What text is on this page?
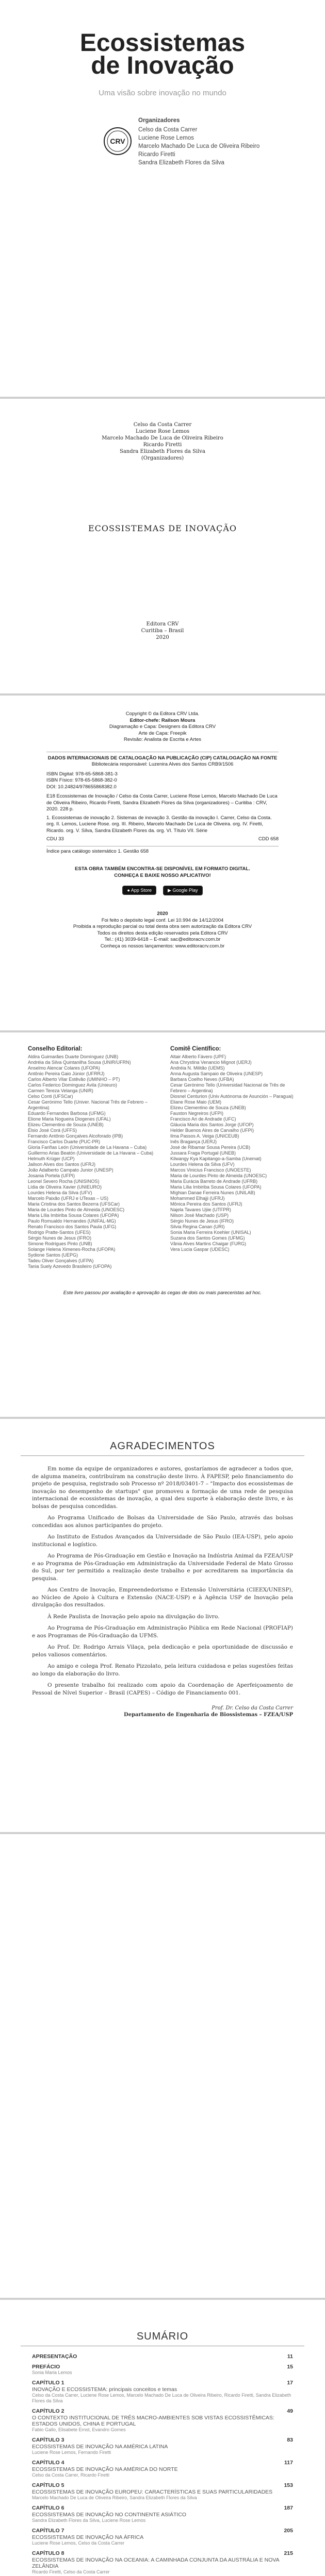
Ecossistemas
de Inovação
Uma visão sobre inovação no mundo
CRV
Organizadores
Celso da Costa Carrer
Luciene Rose Lemos
Marcelo Machado De Luca de Oliveira Ribeiro
Ricardo Firetti
Sandra Elizabeth Flores da Silva
Celso da Costa Carrer
Luciene Rose Lemos
Marcelo Machado De Luca de Oliveira Ribeiro
Ricardo Firetti
Sandra Elizabeth Flores da Silva
(Organizadores)
ECOSSISTEMAS DE INOVAÇÃO
Editora CRV
Curitiba – Brasil
2020
Copyright © da Editora CRV Ltda.
Editor-chefe: Railson Moura
Diagramação e Capa: Designers da Editora CRV
Arte de Capa: Freepik
Revisão: Analista de Escrita e Artes
DADOS INTERNACIONAIS DE CATALOGAÇÃO NA PUBLICAÇÃO (CIP) CATALOGAÇÃO NA FONTE
Bibliotecária responsável: Luzenira Alves dos Santos CRB9/1506
ISBN Digital: 978-65-5868-381-3
ISBN Físico: 978-65-5868-382-0
DOI: 10.24824/978655868382.0
E18 Ecossistemas de Inovação / Celso da Costa Carrer, Luciene Rose Lemos, Marcelo Machado De Luca de Oliveira Ribeiro, Ricardo Firetti, Sandra Elizabeth Flores da Silva (organizadores) – Curitiba : CRV, 2020. 228 p.
1. Ecossistemas de inovação 2. Sistemas de inovação 3. Gestão da inovação I. Carrer, Celso da Costa. org. II. Lemos, Luciene Rose. org. III. Ribeiro, Marcelo Machado De Luca de Oliveira. org. IV. Firetti, Ricardo. org. V. Silva, Sandra Elizabeth Flores da. org. VI. Título VII. Série
CDU 33	CDD 658
Índice para catálogo sistemático 1. Gestão 658
ESTA OBRA TAMBÉM ENCONTRA-SE DISPONÍVEL EM FORMATO DIGITAL. CONHEÇA E BAIXE NOSSO APLICATIVO!
● App Store	▶ Google Play
2020
Foi feito o depósito legal conf. Lei 10.994 de 14/12/2004
Proibida a reprodução parcial ou total desta obra sem autorização da Editora CRV
Todos os direitos desta edição reservados pela Editora CRV
Tel.: (41) 3039-6418 – E-mail: sac@editoracrv.com.br
Conheça os nossos lançamentos: www.editoracrv.com.br
Conselho Editorial:
Aldira Guimarães Duarte Domínguez (UNB)
Andréia da Silva Quintanilha Sousa (UNIR/UFRN)
Anselmo Alencar Colares (UFOPA)
Antônio Pereira Gaio Júnior (UFRRJ)
Carlos Alberto Vilar Estêvão (UMINHO – PT)
Carlos Federico Dominguez Avila (Unieuro)
Carmen Tereza Velanga (UNIR)
Celso Conti (UFSCar)
Cesar Gerónimo Tello (Univer. Nacional Três de Febrero – Argentina)
Eduardo Fernandes Barbosa (UFMG)
Elione Maria Nogueira Diogenes (UFAL)
Elizeu Clementino de Souza (UNEB)
Élsio José Corá (UFFS)
Fernando Antônio Gonçalves Alcoforado (IPB)
Francisco Carlos Duarte (PUC-PR)
Gloria Fariñas León (Universidade de La Havana – Cuba)
Guillermo Arias Beatón (Universidade de La Havana – Cuba)
Helmuth Krüger (UCP)
Jailson Alves dos Santos (UFRJ)
João Adalberto Campato Junior (UNESP)
Josania Portela (UFPI)
Leonel Severo Rocha (UNISINOS)
Lídia de Oliveira Xavier (UNIEURO)
Lourdes Helena da Silva (UFV)
Marcelo Paixão (UFRJ e UTexas – US)
Maria Cristina dos Santos Bezerra (UFSCar)
Maria de Lourdes Pinto de Almeida (UNOESC)
Maria Lília Imbiriba Sousa Colares (UFOPA)
Paulo Romualdo Hernandes (UNIFAL-MG)
Renato Francisco dos Santos Paula (UFG)
Rodrigo Pratte-Santos (UFES)
Sérgio Nunes de Jesus (IFRO)
Simone Rodrigues Pinto (UNB)
Solange Helena Ximenes-Rocha (UFOPA)
Sydione Santos (UEPG)
Tadeu Oliver Gonçalves (UFPA)
Tania Suely Azevedo Brasileiro (UFOPA)
Comitê Científico:
Altair Alberto Fávero (UPF)
Ana Chrystina Venancio Mignot (UERJ)
Andréia N. Militão (UEMS)
Anna Augusta Sampaio de Oliveira (UNESP)
Barbara Coelho Neves (UFBA)
Cesar Gerónimo Tello (Universidad Nacional de Três de Febrero – Argentina)
Diosnel Centurion (Univ Autónoma de Asunción – Paraguai)
Eliane Rose Maio (UEM)
Elizeu Clementino de Souza (UNEB)
Fauston Negreiros (UFPI)
Francisco Ari de Andrade (UFC)
Gláucia Maria dos Santos Jorge (UFOP)
Helder Buenos Aires de Carvalho (UFPI)
Ilma Passos A. Veiga (UNICEUB)
Inês Bragança (UERJ)
José de Ribamar Sousa Pereira (UCB)
Jussara Fraga Portugal (UNEB)
Kilwangy Kya Kapitango-a-Samba (Unemat)
Lourdes Helena da Silva (UFV)
Marcos Vinicius Francisco (UNOESTE)
Maria de Lourdes Pinto de Almeida (UNOESC)
Maria Eurácia Barreto de Andrade (UFRB)
Maria Lília Imbiriba Sousa Colares (UFOPA)
Míghian Danae Ferreira Nunes (UNILAB)
Mohammed Elhajji (UFRJ)
Mônica Pereira dos Santos (UFRJ)
Najela Tavares Ujiie (UTFPR)
Nilson José Machado (USP)
Sérgio Nunes de Jesus (IFRO)
Silvia Regina Canan (URI)
Sonia Maria Ferreira Koehler (UNISAL)
Suzana dos Santos Gomes (UFMG)
Vânia Alves Martins Chaigar (FURG)
Vera Lucia Gaspar (UDESC)
Este livro passou por avaliação e aprovação às cegas de dois ou mais pareceristas ad hoc.
AGRADECIMENTOS

Em nome da equipe de organizadores e autores, gostaríamos de agradecer a todos que, de alguma maneira, contribuíram na construção deste livro. À FAPESP, pelo financiamento do projeto de pesquisa, registrado sob Processo nº 2018/03401-7 – "Impacto dos ecossistemas de inovação no desempenho de startups" que promoveu a formação de uma rede de pesquisa internacional de ecossistemas de inovação, a qual deu suporte à elaboração deste livro, e às bolsas de pesquisa concedidas.

Ao Programa Unificado de Bolsas da Universidade de São Paulo, através das bolsas concedidas aos alunos participantes do projeto.

Ao Instituto de Estudos Avançados da Universidade de São Paulo (IEA-USP), pelo apoio institucional e logístico.

Ao Programa de Pós-Graduação em Gestão e Inovação na Indústria Animal da FZEA/USP e ao Programa de Pós-Graduação em Administração da Universidade Federal de Mato Grosso do Sul, por ter permitido a realização deste trabalho e por acreditarem na importância da pesquisa.

Aos Centro de Inovação, Empreendedorismo e Extensão Universitária (CIEEX/UNESP), ao Núcleo de Apoio à Cultura e Extensão (NACE-USP) e à Agência USP de Inovação pela divulgação dos resultados.

À Rede Paulista de Inovação pelo apoio na divulgação do livro.

Ao Programa de Pós-Graduação em Administração Pública em Rede Nacional (PROFIAP) e aos Programas de Pós-Graduação da UFMS.

Ao Prof. Dr. Rodrigo Arrais Vilaça, pela dedicação e pela oportunidade de discussão e pelos valiosos comentários.

Ao amigo e colega Prof. Renato Pizzolato, pela leitura cuidadosa e pelas sugestões feitas ao longo da elaboração do livro.

O presente trabalho foi realizado com apoio da Coordenação de Aperfeiçoamento de Pessoal de Nível Superior – Brasil (CAPES) – Código de Financiamento 001.

Prof. Dr. Celso da Costa Carrer
Departamento de Engenharia de Biossistemas – FZEA/USP
SUMÁRIO
APRESENTAÇÃO	11
PREFÁCIO	15
Sonia Maria Lemos
CAPÍTULO 1	17
INOVAÇÃO E ECOSSISTEMA: principais conceitos e temas
Celso da Costa Carrer, Luciene Rose Lemos, Marcelo Machado De Luca de Oliveira Ribeiro, Ricardo Firetti, Sandra Elizabeth Flores da Silva
CAPÍTULO 2	49
O CONTEXTO INSTITUCIONAL DE TRÊS MACRO-AMBIENTES SOB VISTAS ECOSSISTÊMICAS: ESTADOS UNIDOS, CHINA E PORTUGAL
Fabio Gallo, Elisabete Ernst, Evandro Gomes
CAPÍTULO 3	83
ECOSSISTEMAS DE INOVAÇÃO NA AMÉRICA LATINA
Luciene Rose Lemos, Fernando Firetti
CAPÍTULO 4	117
ECOSSISTEMAS DE INOVAÇÃO NA AMÉRICA DO NORTE
Celso da Costa Carrer, Ricardo Firetti
CAPÍTULO 5	153
ECOSSISTEMAS DE INOVAÇÃO EUROPEU: CARACTERÍSTICAS E SUAS PARTICULARIDADES
Marcelo Machado De Luca de Oliveira Ribeiro, Sandra Elizabeth Flores da Silva
CAPÍTULO 6	187
ECOSSISTEMAS DE INOVAÇÃO NO CONTINENTE ASIÁTICO
Sandra Elizabeth Flores da Silva, Luciene Rose Lemos
CAPÍTULO 7	205
ECOSSISTEMAS DE INOVAÇÃO NA ÁFRICA
Luciene Rose Lemos, Celso da Costa Carrer
CAPÍTULO 8	215
ECOSSISTEMAS DE INOVAÇÃO NA OCEANIA: A CAMINHADA CONJUNTA DA AUSTRÁLIA E NOVA ZELÂNDIA
Ricardo Firetti, Celso da Costa Carrer
